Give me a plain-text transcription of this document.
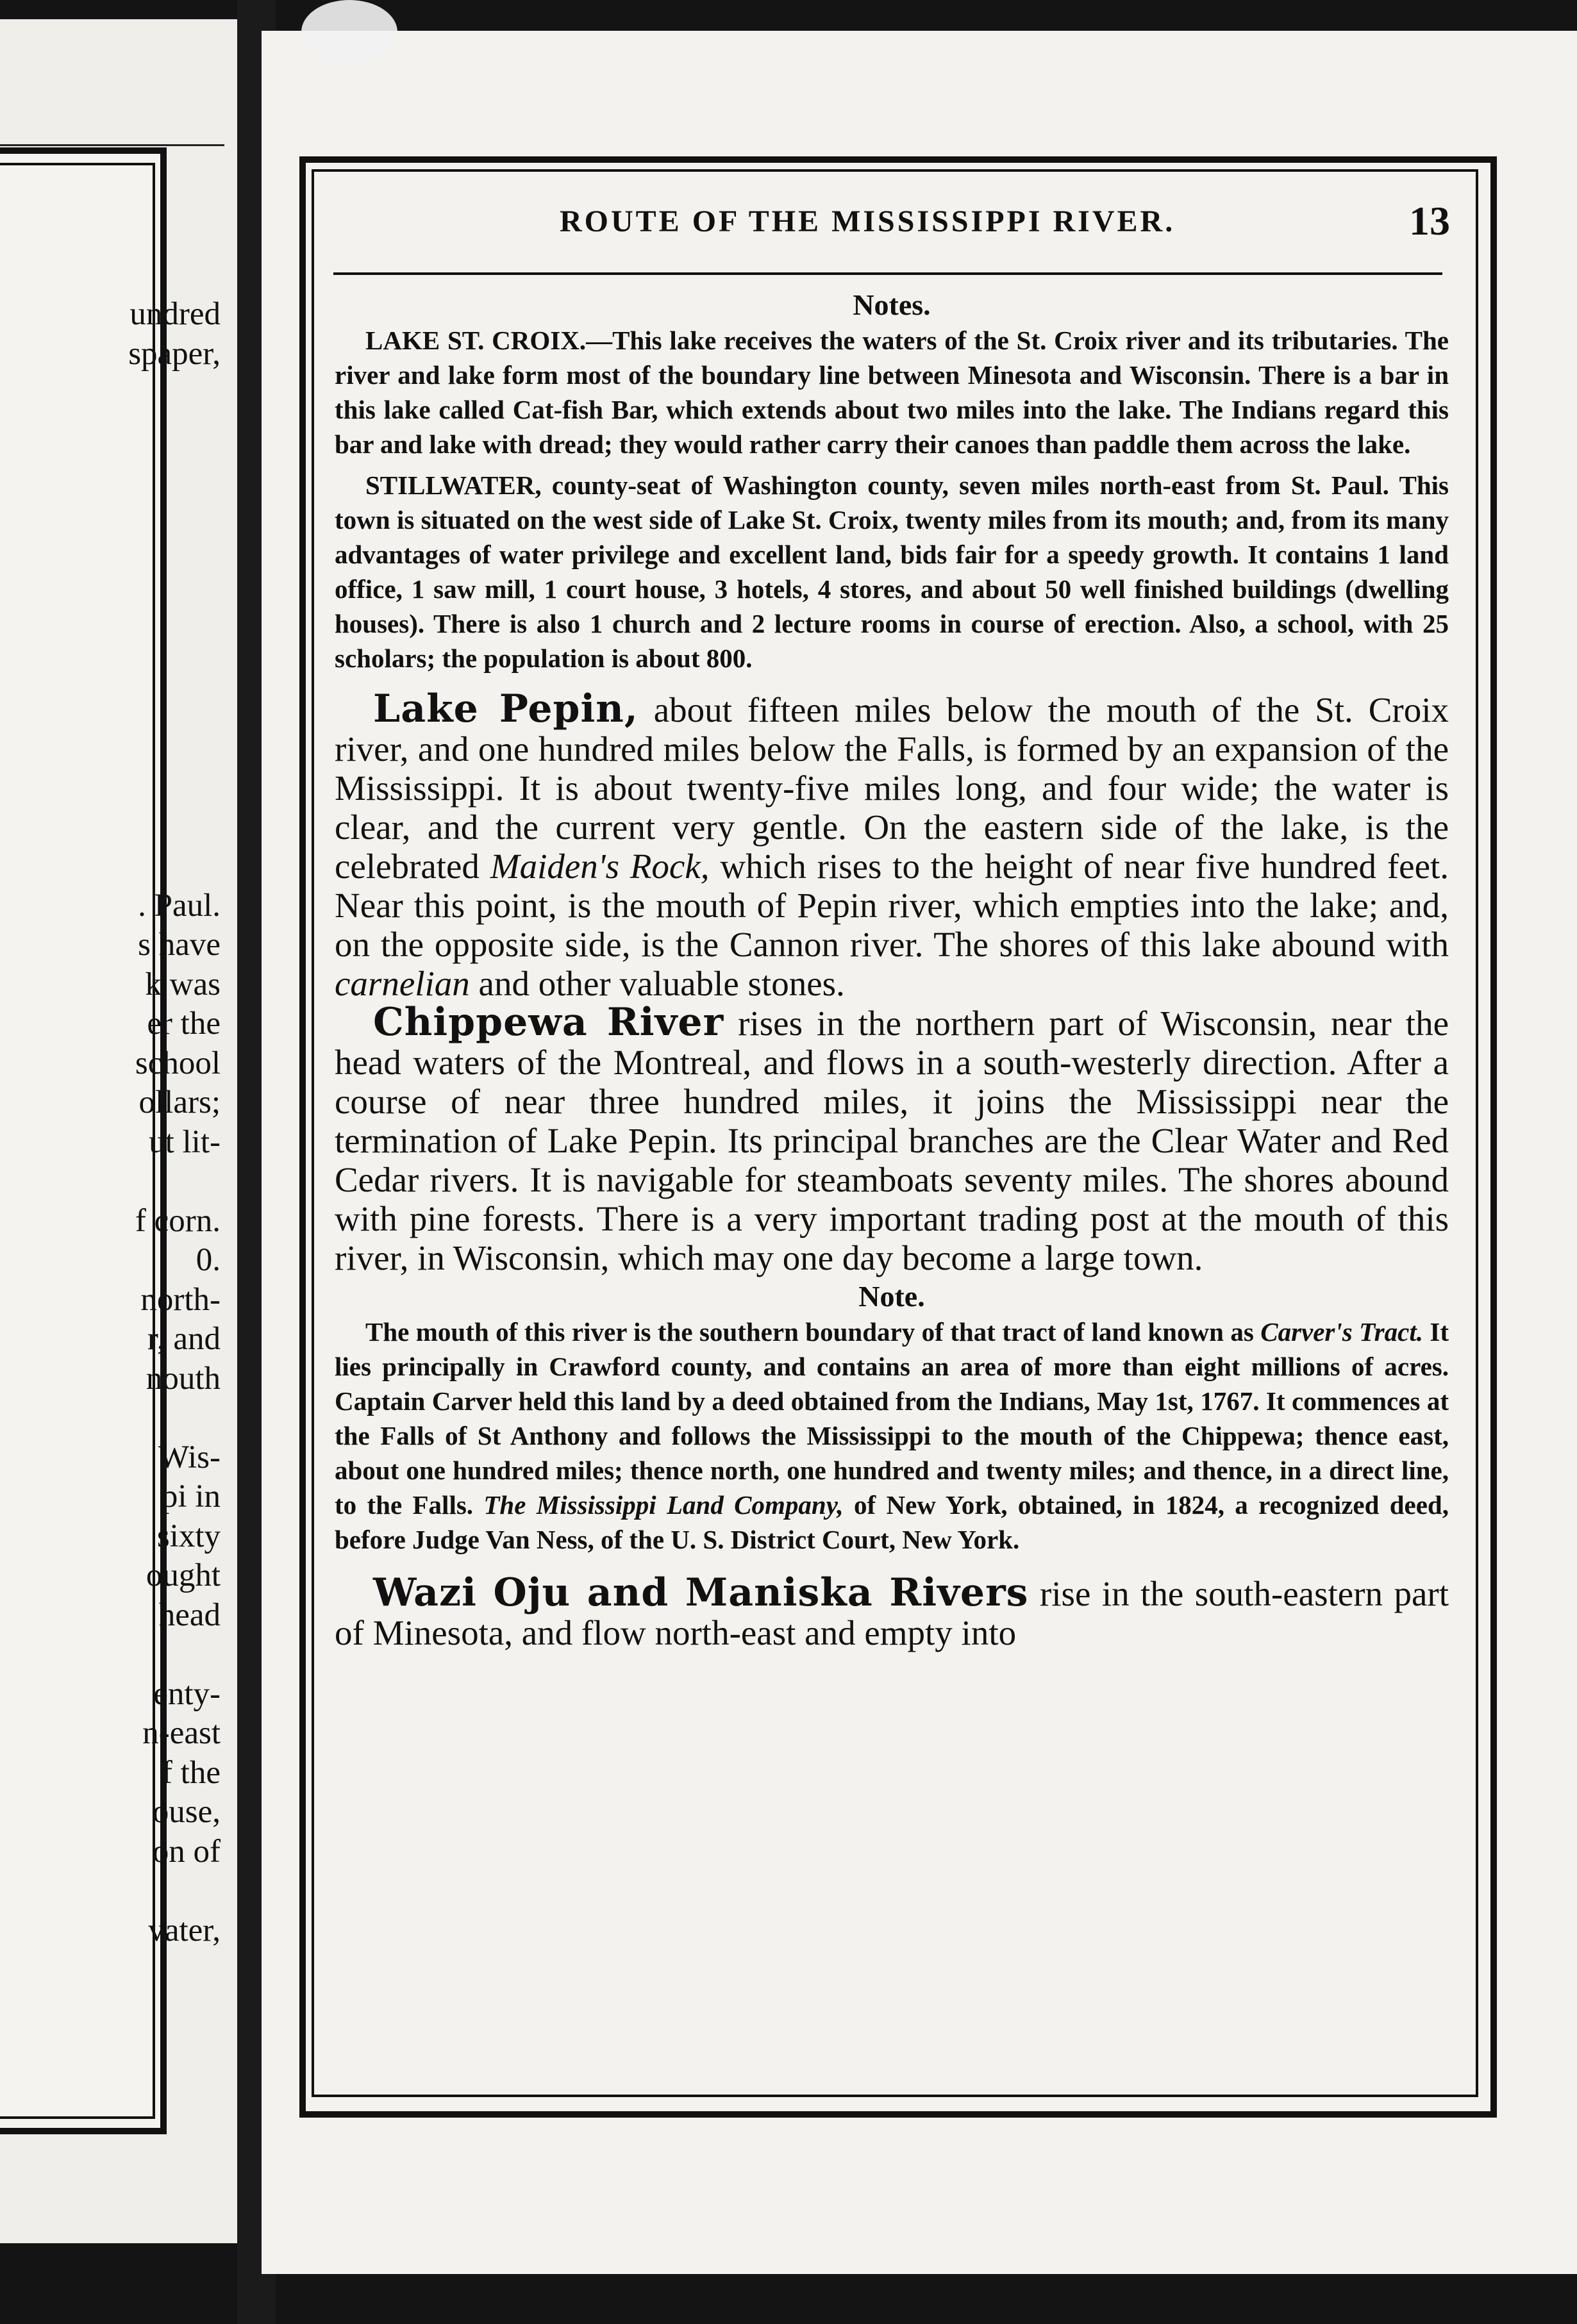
undred
spaper,

. Paul.
s have
k was
er the
school
ollars;
ut lit-

f corn.
0.
north-
r, and
nouth

Wis-
pi in
sixty
ought
head

enty-
n-east
f the
ouse,
on of

vater,
ROUTE OF THE MISSISSIPPI RIVER.	13

Notes.

LAKE ST. CROIX.—This lake receives the waters of the St. Croix river and its tributaries. The river and lake form most of the boundary line between Minesota and Wisconsin. There is a bar in this lake called Cat-fish Bar, which extends about two miles into the lake. The Indians regard this bar and lake with dread; they would rather carry their canoes than paddle them across the lake.

STILLWATER, county-seat of Washington county, seven miles north-east from St. Paul. This town is situated on the west side of Lake St. Croix, twenty miles from its mouth; and, from its many advantages of water privilege and excellent land, bids fair for a speedy growth. It contains 1 land office, 1 saw mill, 1 court house, 3 hotels, 4 stores, and about 50 well finished buildings (dwelling houses). There is also 1 church and 2 lecture rooms in course of erection. Also, a school, with 25 scholars; the population is about 800.

Lake Pepin, about fifteen miles below the mouth of the St. Croix river, and one hundred miles below the Falls, is formed by an expansion of the Mississippi. It is about twenty-five miles long, and four wide; the water is clear, and the current very gentle. On the eastern side of the lake, is the celebrated Maiden's Rock, which rises to the height of near five hundred feet. Near this point, is the mouth of Pepin river, which empties into the lake; and, on the opposite side, is the Cannon river. The shores of this lake abound with carnelian and other valuable stones.

Chippewa River rises in the northern part of Wisconsin, near the head waters of the Montreal, and flows in a south-westerly direction. After a course of near three hundred miles, it joins the Mississippi near the termination of Lake Pepin. Its principal branches are the Clear Water and Red Cedar rivers. It is navigable for steamboats seventy miles. The shores abound with pine forests. There is a very important trading post at the mouth of this river, in Wisconsin, which may one day become a large town.

Note.

The mouth of this river is the southern boundary of that tract of land known as Carver's Tract. It lies principally in Crawford county, and contains an area of more than eight millions of acres. Captain Carver held this land by a deed obtained from the Indians, May 1st, 1767. It commences at the Falls of St Anthony and follows the Mississippi to the mouth of the Chippewa; thence east, about one hundred miles; thence north, one hundred and twenty miles; and thence, in a direct line, to the Falls. The Mississippi Land Company, of New York, obtained, in 1824, a recognized deed, before Judge Van Ness, of the U. S. District Court, New York.

Wazi Oju and Maniska Rivers rise in the south-eastern part of Minesota, and flow north-east and empty into
